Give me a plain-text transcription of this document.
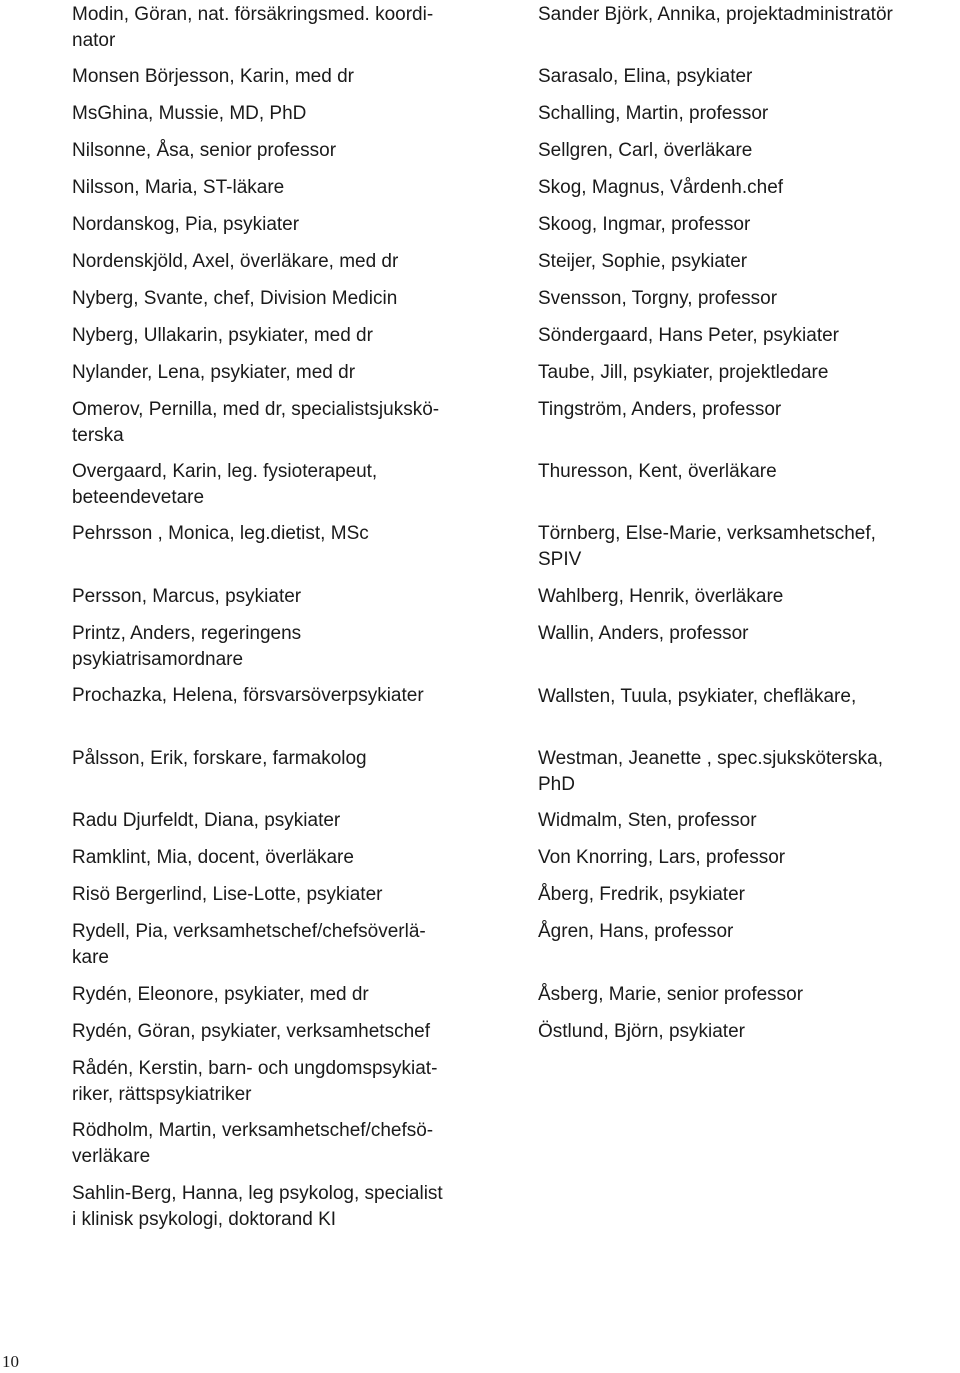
Modin, Göran, nat. försäkringsmed. koordi-
nator

Monsen Börjesson, Karin, med dr

MsGhina, Mussie, MD, PhD

Nilsonne, Åsa, senior professor

Nilsson, Maria, ST-läkare

Nordanskog, Pia, psykiater

Nordenskjöld, Axel, överläkare, med dr

Nyberg, Svante, chef, Division Medicin

Nyberg, Ullakarin, psykiater, med dr

Nylander, Lena, psykiater, med dr

Omerov, Pernilla, med dr, specialistsjukskö-
terska

Overgaard, Karin, leg. fysioterapeut,
beteendevetare

Pehrsson , Monica, leg.dietist, MSc

Persson, Marcus, psykiater

Printz, Anders, regeringens
psykiatrisamordnare

Prochazka, Helena, försvarsöverpsykiater

Pålsson, Erik, forskare, farmakolog

Radu Djurfeldt, Diana, psykiater

Ramklint, Mia, docent, överläkare

Risö Bergerlind, Lise-Lotte, psykiater

Rydell, Pia, verksamhetschef/chefsöverlä-
kare

Rydén, Eleonore, psykiater, med dr

Rydén, Göran, psykiater, verksamhetschef

Rådén, Kerstin, barn- och ungdomspsykiat-
riker, rättspsykiatriker

Rödholm, Martin, verksamhetschef/chefsö-
verläkare

Sahlin-Berg, Hanna, leg psykolog, specialist
i klinisk psykologi, doktorand KI

Sander Björk, Annika, projektadministratör

Sarasalo, Elina, psykiater

Schalling, Martin, professor

Sellgren, Carl, överläkare

Skog, Magnus, Vårdenh.chef

Skoog, Ingmar, professor

Steijer, Sophie, psykiater

Svensson, Torgny, professor

Söndergaard, Hans Peter, psykiater

Taube, Jill, psykiater, projektledare

Tingström, Anders, professor

Thuresson, Kent, överläkare

Törnberg, Else-Marie, verksamhetschef,
SPIV

Wahlberg, Henrik, överläkare

Wallin, Anders, professor

Wallsten, Tuula, psykiater, chefläkare,

Westman, Jeanette , spec.sjuksköterska,
PhD

Widmalm, Sten, professor

Von Knorring, Lars, professor

Åberg, Fredrik, psykiater

Ågren, Hans, professor

Åsberg, Marie, senior professor

Östlund, Björn, psykiater

10
